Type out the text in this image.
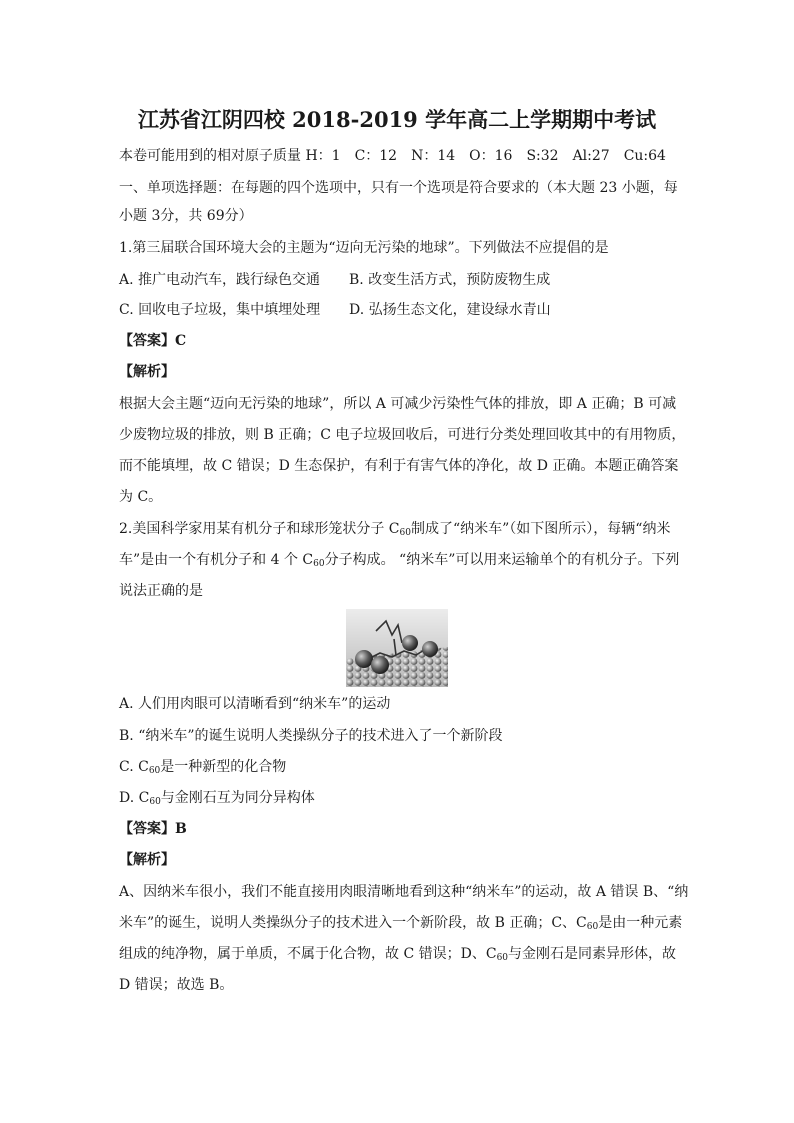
江苏省江阴四校 2018-2019 学年高二上学期期中考试
本卷可能用到的相对原子质量 H：1　C：12　N：14　O：16　S:32　Al:27　Cu:64
一、单项选择题：在每题的四个选项中，只有一个选项是符合要求的（本大题 23 小题，每
小题 3分，共 69分）
1.第三届联合国环境大会的主题为“迈向无污染的地球”。下列做法不应提倡的是
A. 推广电动汽车，践行绿色交通 B. 改变生活方式，预防废物生成
C. 回收电子垃圾，集中填埋处理 D. 弘扬生态文化，建设绿水青山
【答案】C
【解析】
根据大会主题“迈向无污染的地球”，所以 A 可减少污染性气体的排放，即 A 正确；B 可减
少废物垃圾的排放，则 B 正确；C 电子垃圾回收后，可进行分类处理回收其中的有用物质，
而不能填埋，故 C 错误；D 生态保护，有利于有害气体的净化，故 D 正确。本题正确答案
为 C。
2.美国科学家用某有机分子和球形笼状分子 $C_{60}$制成了“纳米车”（如下图所示），每辆“纳米
车”是由一个有机分子和 4 个 $C_{60}$分子构成。 “纳米车”可以用来运输单个的有机分子。下列
说法正确的是
A. 人们用肉眼可以清晰看到“纳米车”的运动
B. “纳米车”的诞生说明人类操纵分子的技术进入了一个新阶段
C. $C_{60}$是一种新型的化合物
D. $C_{60}$与金刚石互为同分异构体
【答案】B
【解析】
A、因纳米车很小，我们不能直接用肉眼清晰地看到这种“纳米车”的运动，故 A 错误 B、“纳
米车”的诞生，说明人类操纵分子的技术进入一个新阶段，故 B 正确；C、$C_{60}$是由一种元素
组成的纯净物，属于单质，不属于化合物，故 C 错误；D、$C_{60}$与金刚石是同素异形体，故
D 错误；故选 B。
